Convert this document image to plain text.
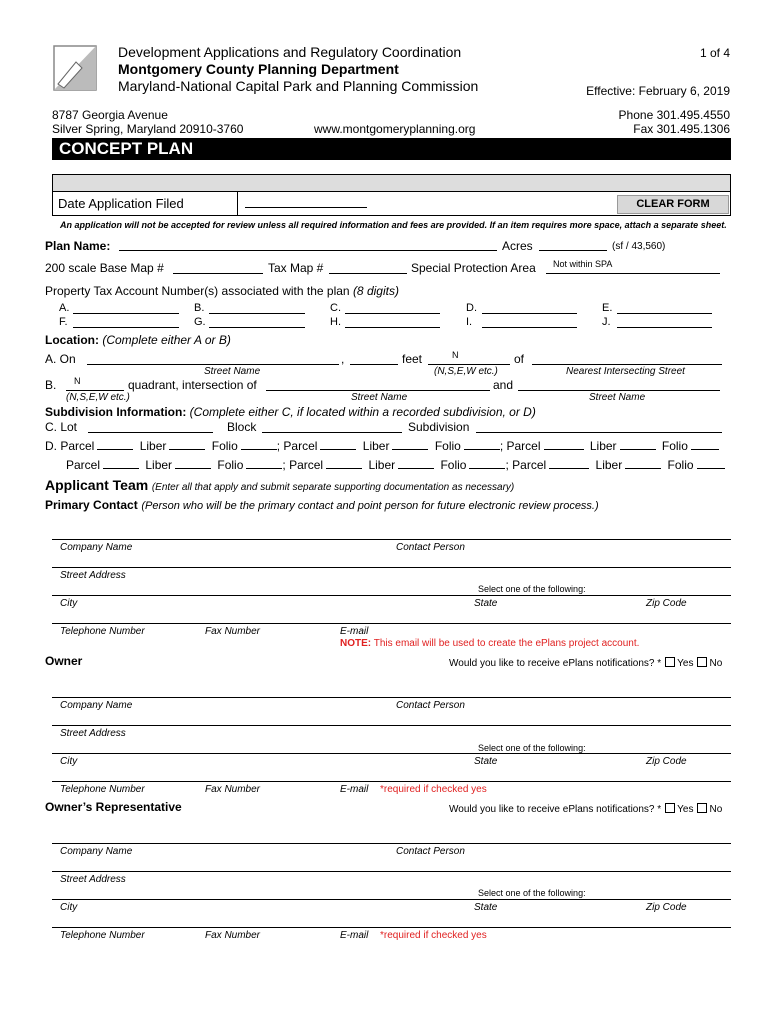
Development Applications and Regulatory Coordination
Montgomery County Planning Department
Maryland-National Capital Park and Planning Commission
1 of 4
Effective: February 6, 2019
8787 Georgia Avenue
Silver Spring, Maryland 20910-3760	www.montgomeryplanning.org
Phone 301.495.4550
Fax 301.495.1306
CONCEPT PLAN
Date Application Filed	CLEAR FORM
An application will not be accepted for review unless all required information and fees are provided. If an item requires more space, attach a separate sheet.
Plan Name:	Acres	(sf / 43,560)
200 scale Base Map #	Tax Map #	Special Protection Area Not within SPA
Property Tax Account Number(s) associated with the plan (8 digits)
A.	B.	C.	D.	E.
F.	G.	H.	I.	J.
Location: (Complete either A or B)
A. On	,	feet	N	of
Street Name	(N,S,E,W etc.)	Nearest Intersecting Street
B. N	quadrant, intersection of	and
(N,S,E,W etc.)	Street Name	Street Name
Subdivision Information: (Complete either C, if located within a recorded subdivision, or D)
C. Lot	Block	Subdivision
D. Parcel	Liber	Folio	; Parcel	Liber	Folio	; Parcel	Liber	Folio
Parcel	Liber	Folio	; Parcel	Liber	Folio	; Parcel	Liber	Folio
Applicant Team (Enter all that apply and submit separate supporting documentation as necessary)
Primary Contact (Person who will be the primary contact and point person for future electronic review process.)
Company Name	Contact Person
Street Address
Select one of the following:
City	State	Zip Code
Telephone Number	Fax Number	E-mail
NOTE: This email will be used to create the ePlans project account.
Owner	Would you like to receive ePlans notifications? * Yes No
Company Name	Contact Person
Street Address
Select one of the following:
City	State	Zip Code
Telephone Number	Fax Number	E-mail *required if checked yes
Owner’s Representative	Would you like to receive ePlans notifications? * Yes No
Company Name	Contact Person
Street Address
Select one of the following:
City	State	Zip Code
Telephone Number	Fax Number	E-mail *required if checked yes
